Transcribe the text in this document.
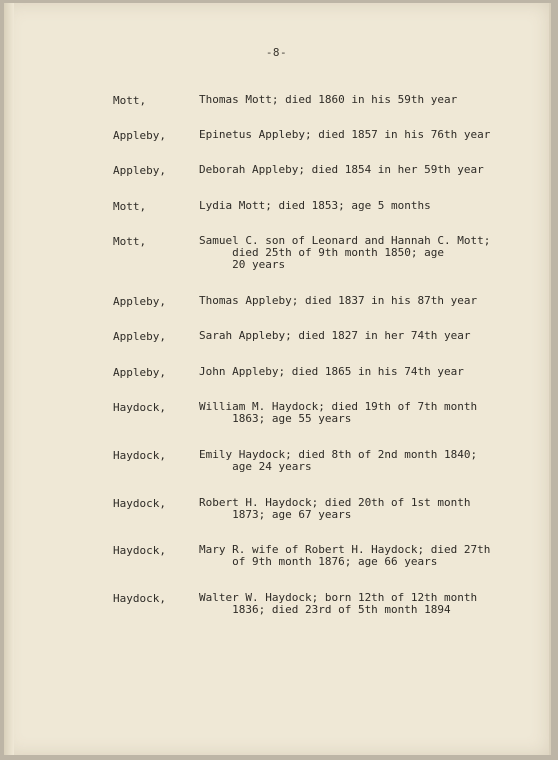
-8-
Mott,	Thomas Mott; died 1860 in his 59th year
Appleby,	Epinetus Appleby; died 1857 in his 76th year
Appleby,	Deborah Appleby; died 1854 in her 59th year
Mott,	Lydia Mott; died 1853; age 5 months
Mott,	Samuel C. son of Leonard and Hannah C. Mott;
died 25th of 9th month 1850; age
20 years
Appleby,	Thomas Appleby; died 1837 in his 87th year
Appleby,	Sarah Appleby; died 1827 in her 74th year
Appleby,	John Appleby; died 1865 in his 74th year
Haydock,	William M. Haydock; died 19th of 7th month
1863; age 55 years
Haydock,	Emily Haydock; died 8th of 2nd month 1840;
age 24 years
Haydock,	Robert H. Haydock; died 20th of 1st month
1873; age 67 years
Haydock,	Mary R. wife of Robert H. Haydock; died 27th
of 9th month 1876; age 66 years
Haydock,	Walter W. Haydock; born 12th of 12th month
1836; died 23rd of 5th month 1894
